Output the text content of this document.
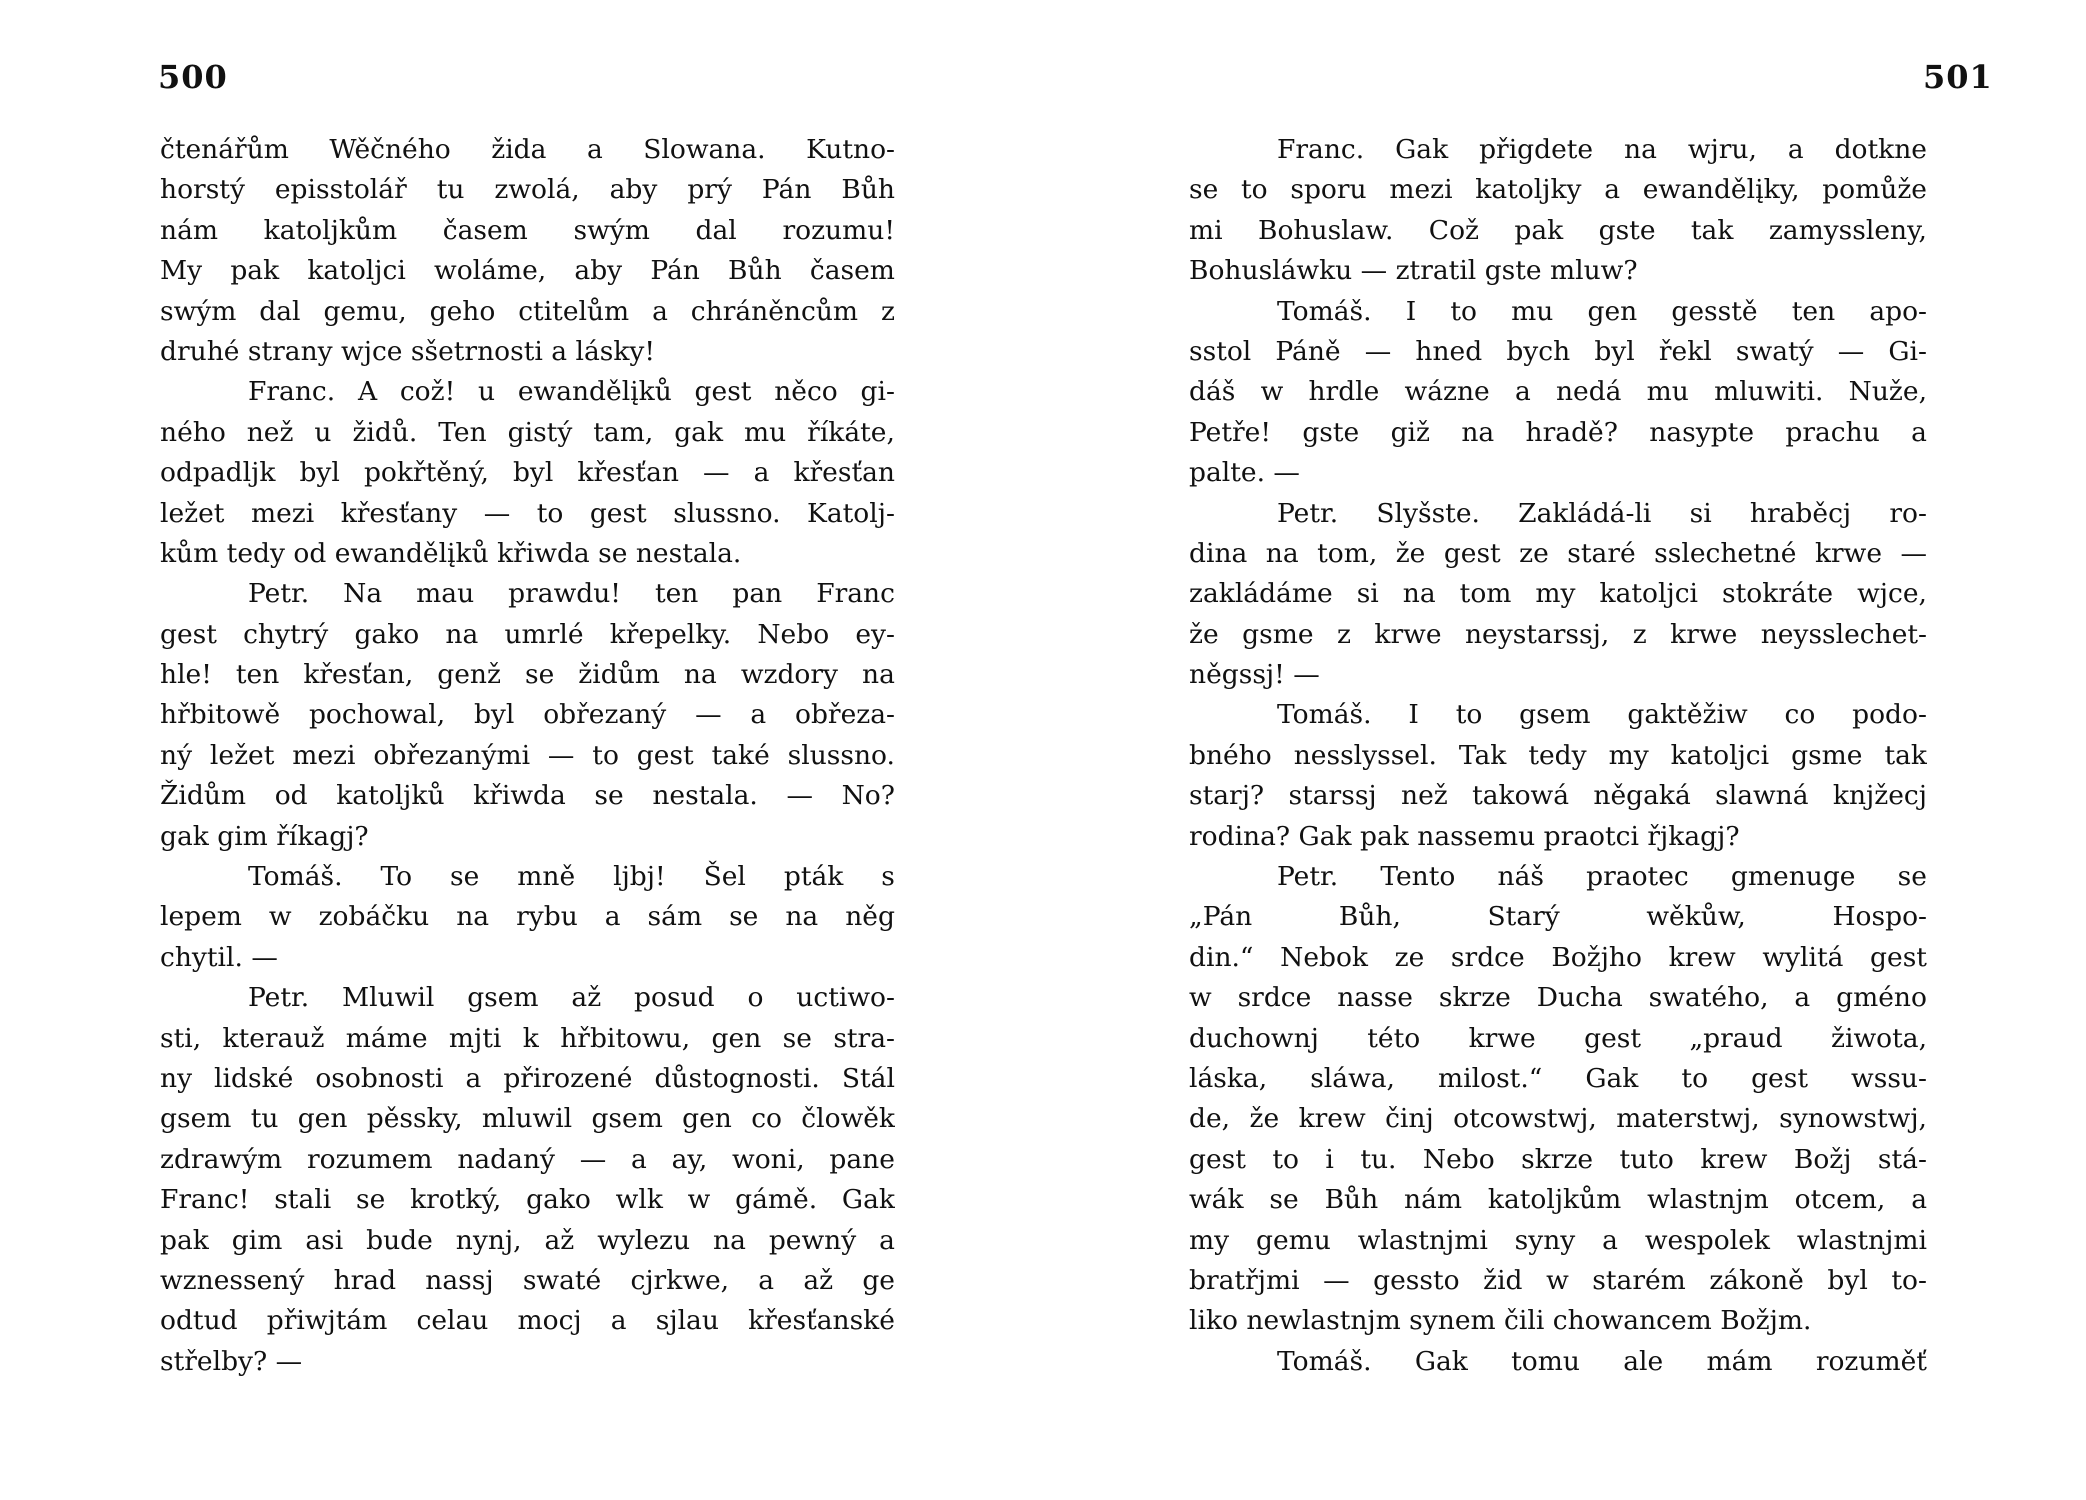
500
čtenářům Wěčného žida a Slowana. Kutno-
horstý episstolář tu zwolá, aby prý Pán Bůh
nám katoljkům časem swým dal rozumu!
My pak katoljci woláme, aby Pán Bůh časem
swým dal gemu, geho ctitelům a chráněncům z
druhé strany wjce sšetrnosti a lásky!
Franc. A což! u ewandělįků gest něco gi-
ného než u židů. Ten gistý tam, gak mu říkáte,
odpadljk byl pokřtěný, byl křesťan — a křesťan
ležet mezi křesťany — to gest slussno. Katolj-
kům tedy od ewandělįků křiwda se nestala.
Petr. Na mau prawdu! ten pan Franc
gest chytrý gako na umrlé křepelky. Nebo ey-
hle! ten křesťan, genž se židům na wzdory na
hřbitowě pochowal, byl obřezaný — a obřeza-
ný ležet mezi obřezanými — to gest také slussno.
Židům od katoljků křiwda se nestala. — No?
gak gim říkagj?
Tomáš. To se mně ljbj! Šel pták s
lepem w zobáčku na rybu a sám se na něg
chytil. —
Petr. Mluwil gsem až posud o uctiwo-
sti, kterauž máme mjti k hřbitowu, gen se stra-
ny lidské osobnosti a přirozené důstognosti. Stál
gsem tu gen pěssky, mluwil gsem gen co člowěk
zdrawým rozumem nadaný — a ay, woni, pane
Franc! stali se krotký, gako wlk w gámě. Gak
pak gim asi bude nynj, až wylezu na pewný a
wznessený hrad nassj swaté cjrkwe, a až ge
odtud přiwjtám celau mocj a sjlau křesťanské
střelby? —
501
Franc. Gak přigdete na wjru, a dotkne
se to sporu mezi katoljky a ewandělįky, pomůže
mi Bohuslaw. Což pak gste tak zamyssleny,
Bohusláwku — ztratil gste mluw?
Tomáš. I to mu gen gesstě ten apo-
sstol Páně — hned bych byl řekl swatý — Gi-
dáš w hrdle wázne a nedá mu mluwiti. Nuže,
Petře! gste giž na hradě? nasypte prachu a
palte. —
Petr. Slyšste. Zakládá-li si hraběcj ro-
dina na tom, že gest ze staré sslechetné krwe —
zakládáme si na tom my katoljci stokráte wjce,
že gsme z krwe neystarssj, z krwe neysslechet-
něgssj! —
Tomáš. I to gsem gaktěžiw co podo-
bného nesslyssel. Tak tedy my katoljci gsme tak
starj? starssj než takowá něgaká slawná knjžecj
rodina? Gak pak nassemu praotci řjkagj?
Petr. Tento náš praotec gmenuge se
„Pán	Bůh,	Starý	wěkůw,	Hospo-
din.“ Nebok ze srdce Božjho krew wylitá gest
w srdce nasse skrze Ducha swatého, a gméno
duchownj této krwe gest „praud žiwota,
láska, sláwa, milost.“ Gak to gest wssu-
de, že krew činj otcowstwj, materstwj, synowstwj,
gest to i tu. Nebo skrze tuto krew Božj stá-
wák se Bůh nám katoljkům wlastnjm otcem, a
my gemu wlastnjmi syny a wespolek wlastnjmi
bratřjmi — gessto žid w starém zákoně byl to-
liko newlastnjm synem čili chowancem Božjm.
Tomáš. Gak tomu ale mám rozuměť
